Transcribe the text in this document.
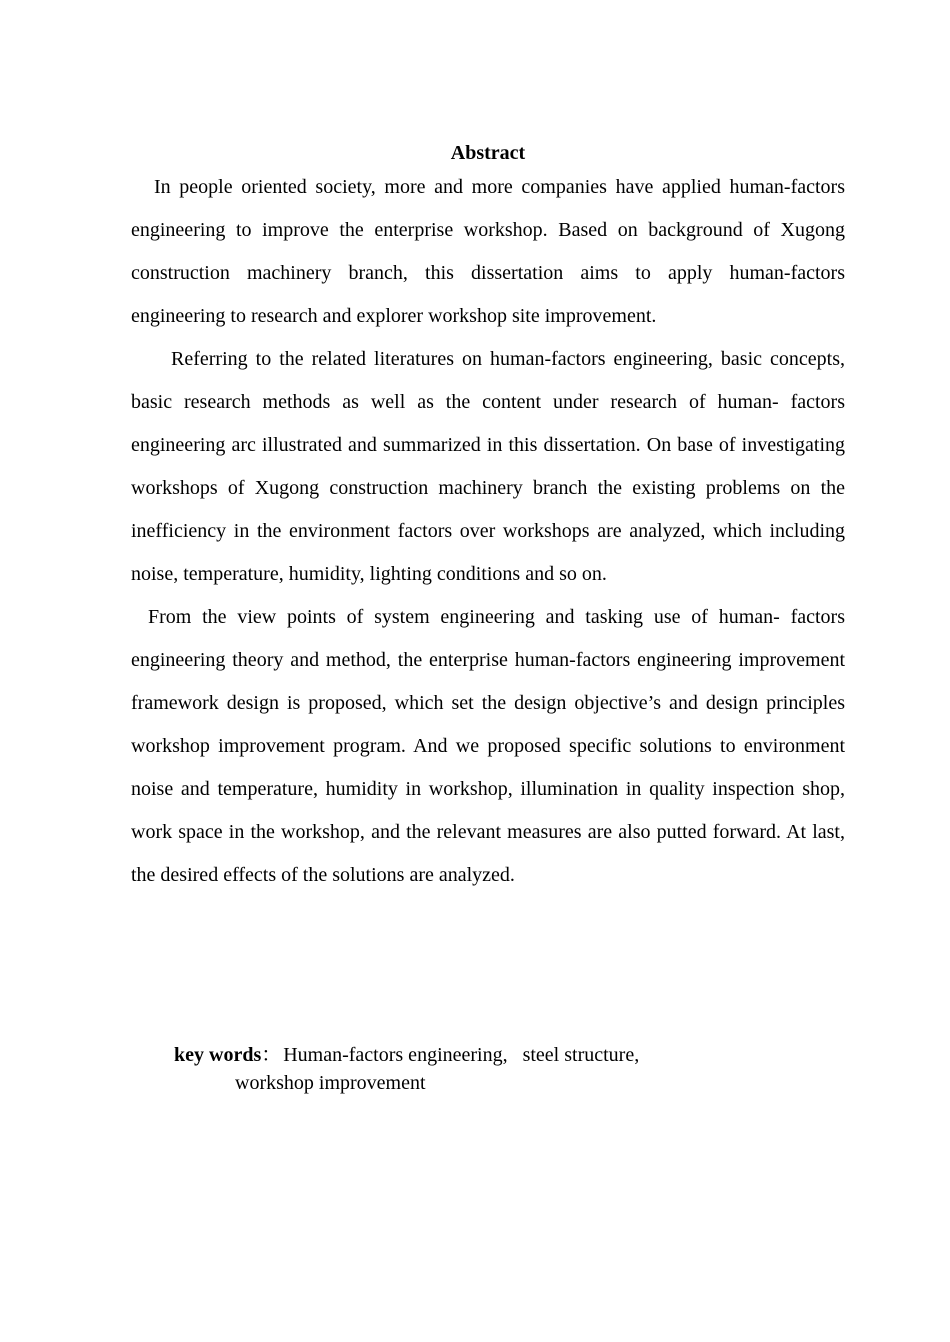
Abstract

In people oriented society, more and more companies have applied human-factors engineering to improve the enterprise workshop. Based on background of Xugong construction machinery branch, this dissertation aims to apply human-factors engineering to research and explorer workshop site improvement.

Referring to the related literatures on human-factors engineering, basic concepts, basic research methods as well as the content under research of human- factors engineering arc illustrated and summarized in this dissertation. On base of investigating workshops of Xugong construction machinery branch the existing problems on the inefficiency in the environment factors over workshops are analyzed, which including noise, temperature, humidity, lighting conditions and so on.

From the view points of system engineering and tasking use of human- factors engineering theory and method, the enterprise human-factors engineering improvement framework design is proposed, which set the design objective’s and design principles workshop improvement program. And we proposed specific solutions to environment noise and temperature, humidity in workshop, illumination in quality inspection shop, work space in the workshop, and the relevant measures are also putted forward. At last, the desired effects of the solutions are analyzed.

key words： Human-factors engineering,   steel structure,
workshop improvement
